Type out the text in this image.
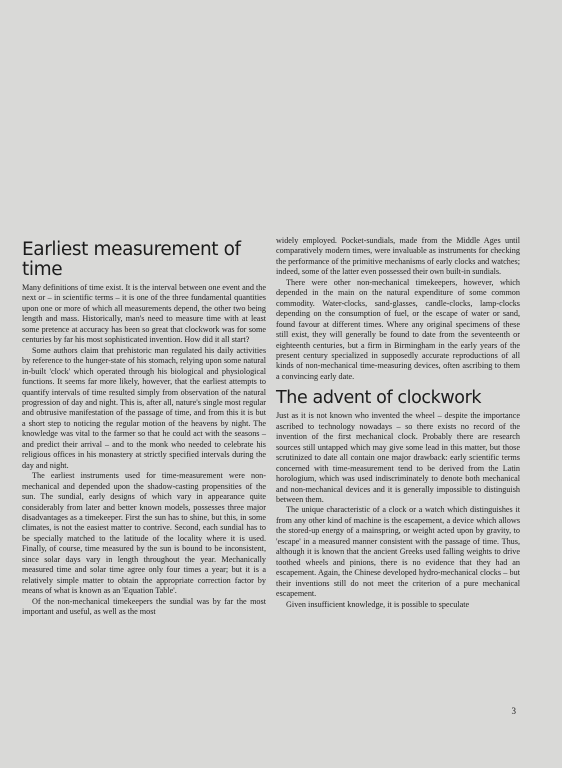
Earliest measurement of time

Many definitions of time exist. It is the interval between one event and the next or – in scientific terms – it is one of the three fundamental quantities upon one or more of which all measurements depend, the other two being length and mass. Historically, man's need to measure time with at least some pretence at accuracy has been so great that clockwork was for some centuries by far his most sophisticated invention. How did it all start?

Some authors claim that prehistoric man regulated his daily activities by reference to the hunger-state of his stomach, relying upon some natural in-built 'clock' which operated through his biological and physiological functions. It seems far more likely, however, that the earliest attempts to quantify intervals of time resulted simply from observation of the natural progression of day and night. This is, after all, nature's single most regular and obtrusive manifestation of the passage of time, and from this it is but a short step to noticing the regular motion of the heavens by night. The knowledge was vital to the farmer so that he could act with the seasons – and predict their arrival – and to the monk who needed to celebrate his religious offices in his monastery at strictly specified intervals during the day and night.

The earliest instruments used for time-measurement were non-mechanical and depended upon the shadow-casting propensities of the sun. The sundial, early designs of which vary in appearance quite considerably from later and better known models, possesses three major disadvantages as a timekeeper. First the sun has to shine, but this, in some climates, is not the easiest matter to contrive. Second, each sundial has to be specially matched to the latitude of the locality where it is used. Finally, of course, time measured by the sun is bound to be inconsistent, since solar days vary in length throughout the year. Mechanically measured time and solar time agree only four times a year; but it is a relatively simple matter to obtain the appropriate correction factor by means of what is known as an 'Equation Table'.

Of the non-mechanical timekeepers the sundial was by far the most important and useful, as well as the most

widely employed. Pocket-sundials, made from the Middle Ages until comparatively modern times, were invaluable as instruments for checking the performance of the primitive mechanisms of early clocks and watches; indeed, some of the latter even possessed their own built-in sundials.

There were other non-mechanical timekeepers, however, which depended in the main on the natural expenditure of some common commodity. Water-clocks, sand-glasses, candle-clocks, lamp-clocks depending on the consumption of fuel, or the escape of water or sand, found favour at different times. Where any original specimens of these still exist, they will generally be found to date from the seventeenth or eighteenth centuries, but a firm in Birmingham in the early years of the present century specialized in supposedly accurate reproductions of all kinds of non-mechanical time-measuring devices, often ascribing to them a convincing early date.

The advent of clockwork

Just as it is not known who invented the wheel – despite the importance ascribed to technology nowadays – so there exists no record of the invention of the first mechanical clock. Probably there are research sources still untapped which may give some lead in this matter, but those scrutinized to date all contain one major drawback: early scientific terms concerned with time-measurement tend to be derived from the Latin horologium, which was used indiscriminately to denote both mechanical and non-mechanical devices and it is generally impossible to distinguish between them.

The unique characteristic of a clock or a watch which distinguishes it from any other kind of machine is the escapement, a device which allows the stored-up energy of a mainspring, or weight acted upon by gravity, to 'escape' in a measured manner consistent with the passage of time. Thus, although it is known that the ancient Greeks used falling weights to drive toothed wheels and pinions, there is no evidence that they had an escapement. Again, the Chinese developed hydro-mechanical clocks – but their inventions still do not meet the criterion of a pure mechanical escapement.

Given insufficient knowledge, it is possible to speculate

3
